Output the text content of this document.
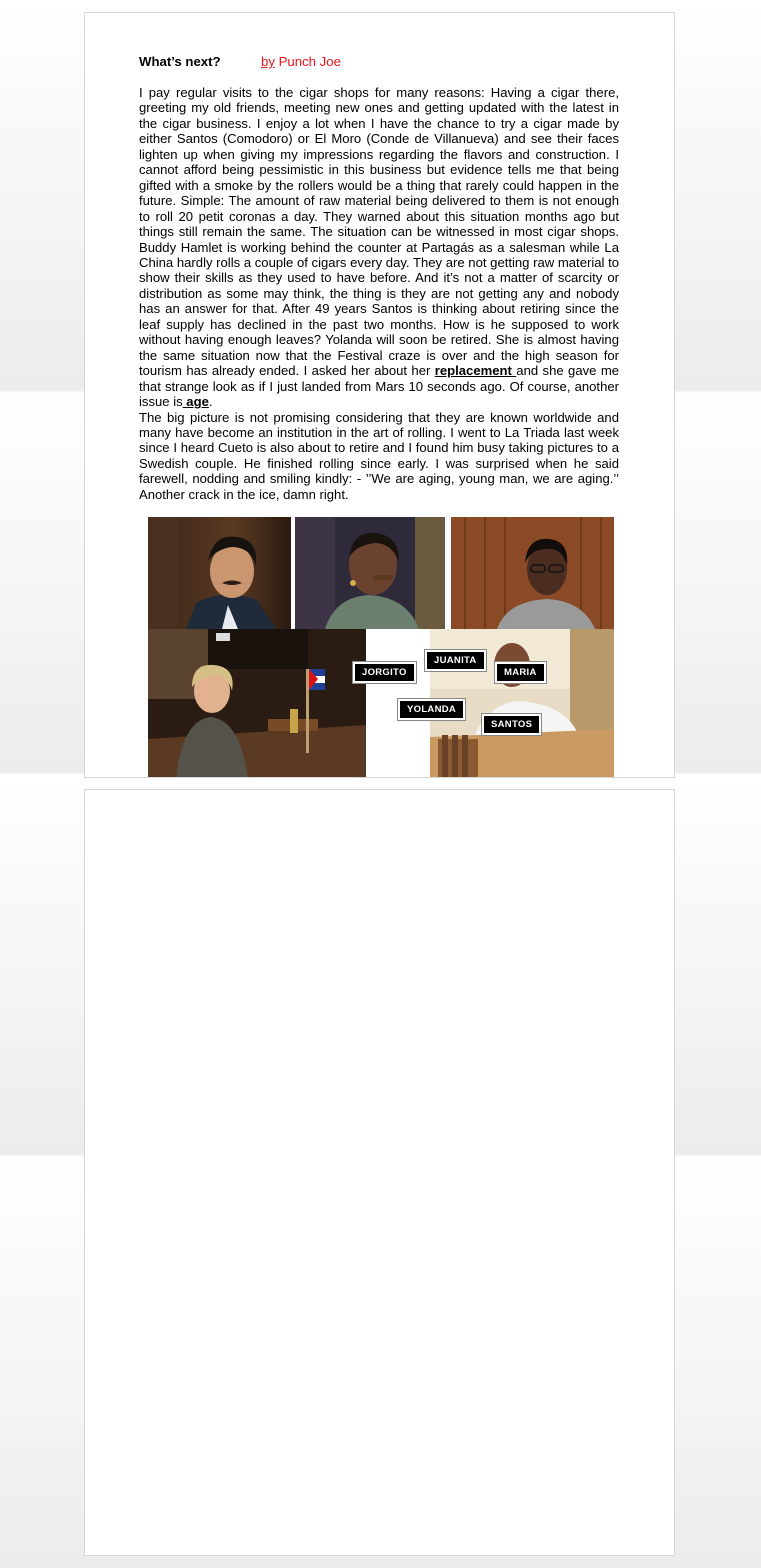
What’s next?	by Punch Joe

I pay regular visits to the cigar shops for many reasons: Having a cigar there, greeting my old friends, meeting new ones and getting updated with the latest in the cigar business. I enjoy a lot when I have the chance to try a cigar made by either Santos (Comodoro) or El Moro (Conde de Villanueva) and see their faces lighten up when giving my impressions regarding the flavors and construction. I cannot afford being pessimistic in this business but evidence tells me that being gifted with a smoke by the rollers would be a thing that rarely could happen in the future. Simple: The amount of raw material being delivered to them is not enough to roll 20 petit coronas a day. They warned about this situation months ago but things still remain the same. The situation can be witnessed in most cigar shops. Buddy Hamlet is working behind the counter at Partagás as a salesman while La China hardly rolls a couple of cigars every day. They are not getting raw material to show their skills as they used to have before. And it’s not a matter of scarcity or distribution as some may think, the thing is they are not getting any and nobody has an answer for that. After 49 years Santos is thinking about retiring since the leaf supply has declined in the past two months. How is he supposed to work without having enough leaves? Yolanda will soon be retired. She is almost having the same situation now that the Festival craze is over and the high season for tourism has already ended. I asked her about her replacement and she gave me that strange look as if I just landed from Mars 10 seconds ago. Of course, another issue is age.

The big picture is not promising considering that they are known worldwide and many have become an institution in the art of rolling. I went to La Triada last week since I heard Cueto is also about to retire and I found him busy taking pictures to a Swedish couple. He finished rolling since early. I was surprised when he said farewell, nodding and smiling kindly: - ’’We are aging, young man, we are aging.’’ Another crack in the ice, damn right.

JORGITO
JUANITA
MARIA
YOLANDA
SANTOS
